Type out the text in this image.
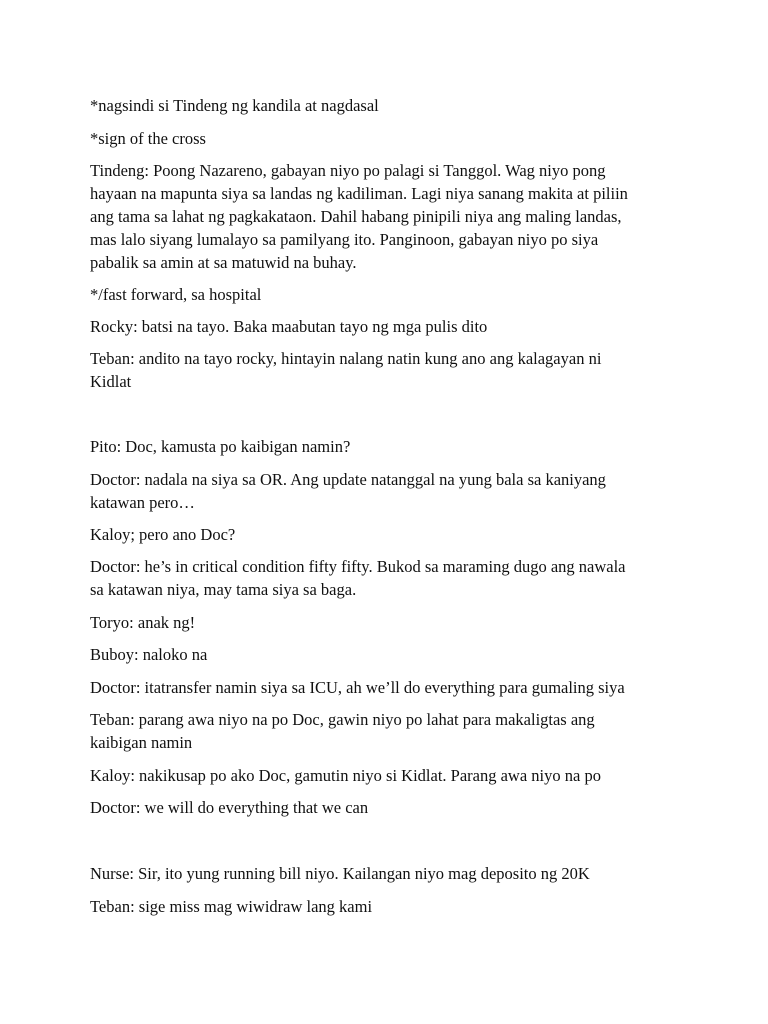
*nagsindi si Tindeng ng kandila at nagdasal

*sign of the cross

Tindeng: Poong Nazareno, gabayan niyo po palagi si Tanggol. Wag niyo pong

hayaan na mapunta siya sa landas ng kadiliman. Lagi niya sanang makita at piliin

ang tama sa lahat ng pagkakataon. Dahil habang pinipili niya ang maling landas,

mas lalo siyang lumalayo sa pamilyang ito. Panginoon, gabayan niyo po siya

pabalik sa amin at sa matuwid na buhay.

*/fast forward, sa hospital

Rocky: batsi na tayo. Baka maabutan tayo ng mga pulis dito

Teban: andito na tayo rocky, hintayin nalang natin kung ano ang kalagayan ni

Kidlat

Pito: Doc, kamusta po kaibigan namin?

Doctor: nadala na siya sa OR. Ang update natanggal na yung bala sa kaniyang

katawan pero…

Kaloy; pero ano Doc?

Doctor: he’s in critical condition fifty fifty. Bukod sa maraming dugo ang nawala

sa katawan niya, may tama siya sa baga.

Toryo: anak ng!

Buboy: naloko na

Doctor: itatransfer namin siya sa ICU, ah we’ll do everything para gumaling siya

Teban: parang awa niyo na po Doc, gawin niyo po lahat para makaligtas ang

kaibigan namin

Kaloy: nakikusap po ako Doc, gamutin niyo si Kidlat. Parang awa niyo na po

Doctor: we will do everything that we can

Nurse: Sir, ito yung running bill niyo. Kailangan niyo mag deposito ng 20K

Teban: sige miss mag wiwidraw lang kami
